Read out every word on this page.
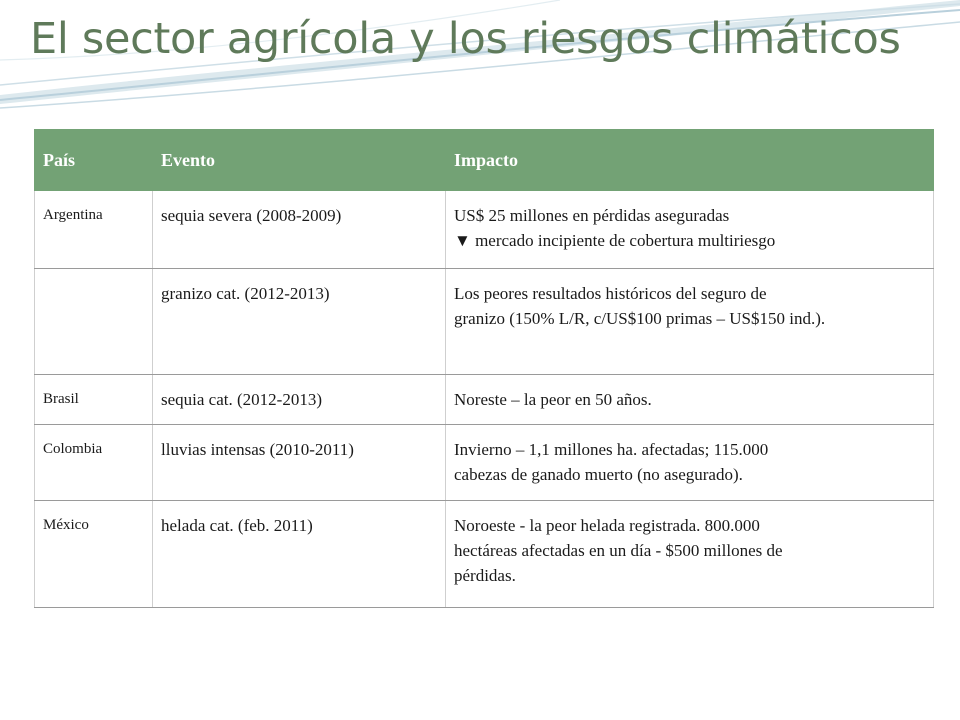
El sector agrícola y los riesgos climáticos
País	Evento	Impacto
Argentina	sequia severa (2008-2009)	US$ 25 millones en pérdidas aseguradas
▼ mercado incipiente de cobertura multiriesgo

	granizo cat. (2012-2013)	Los peores resultados históricos del seguro de
granizo (150% L/R, c/US$100 primas – US$150 ind.).

Brasil	sequia cat. (2012-2013)	Noreste – la peor en 50 años.

Colombia	lluvias intensas (2010-2011)	Invierno – 1,1 millones ha. afectadas; 115.000
cabezas de ganado muerto (no asegurado).

México	helada cat. (feb. 2011)	Noroeste - la peor helada registrada. 800.000
hectáreas afectadas en un día - $500 millones de
pérdidas.
